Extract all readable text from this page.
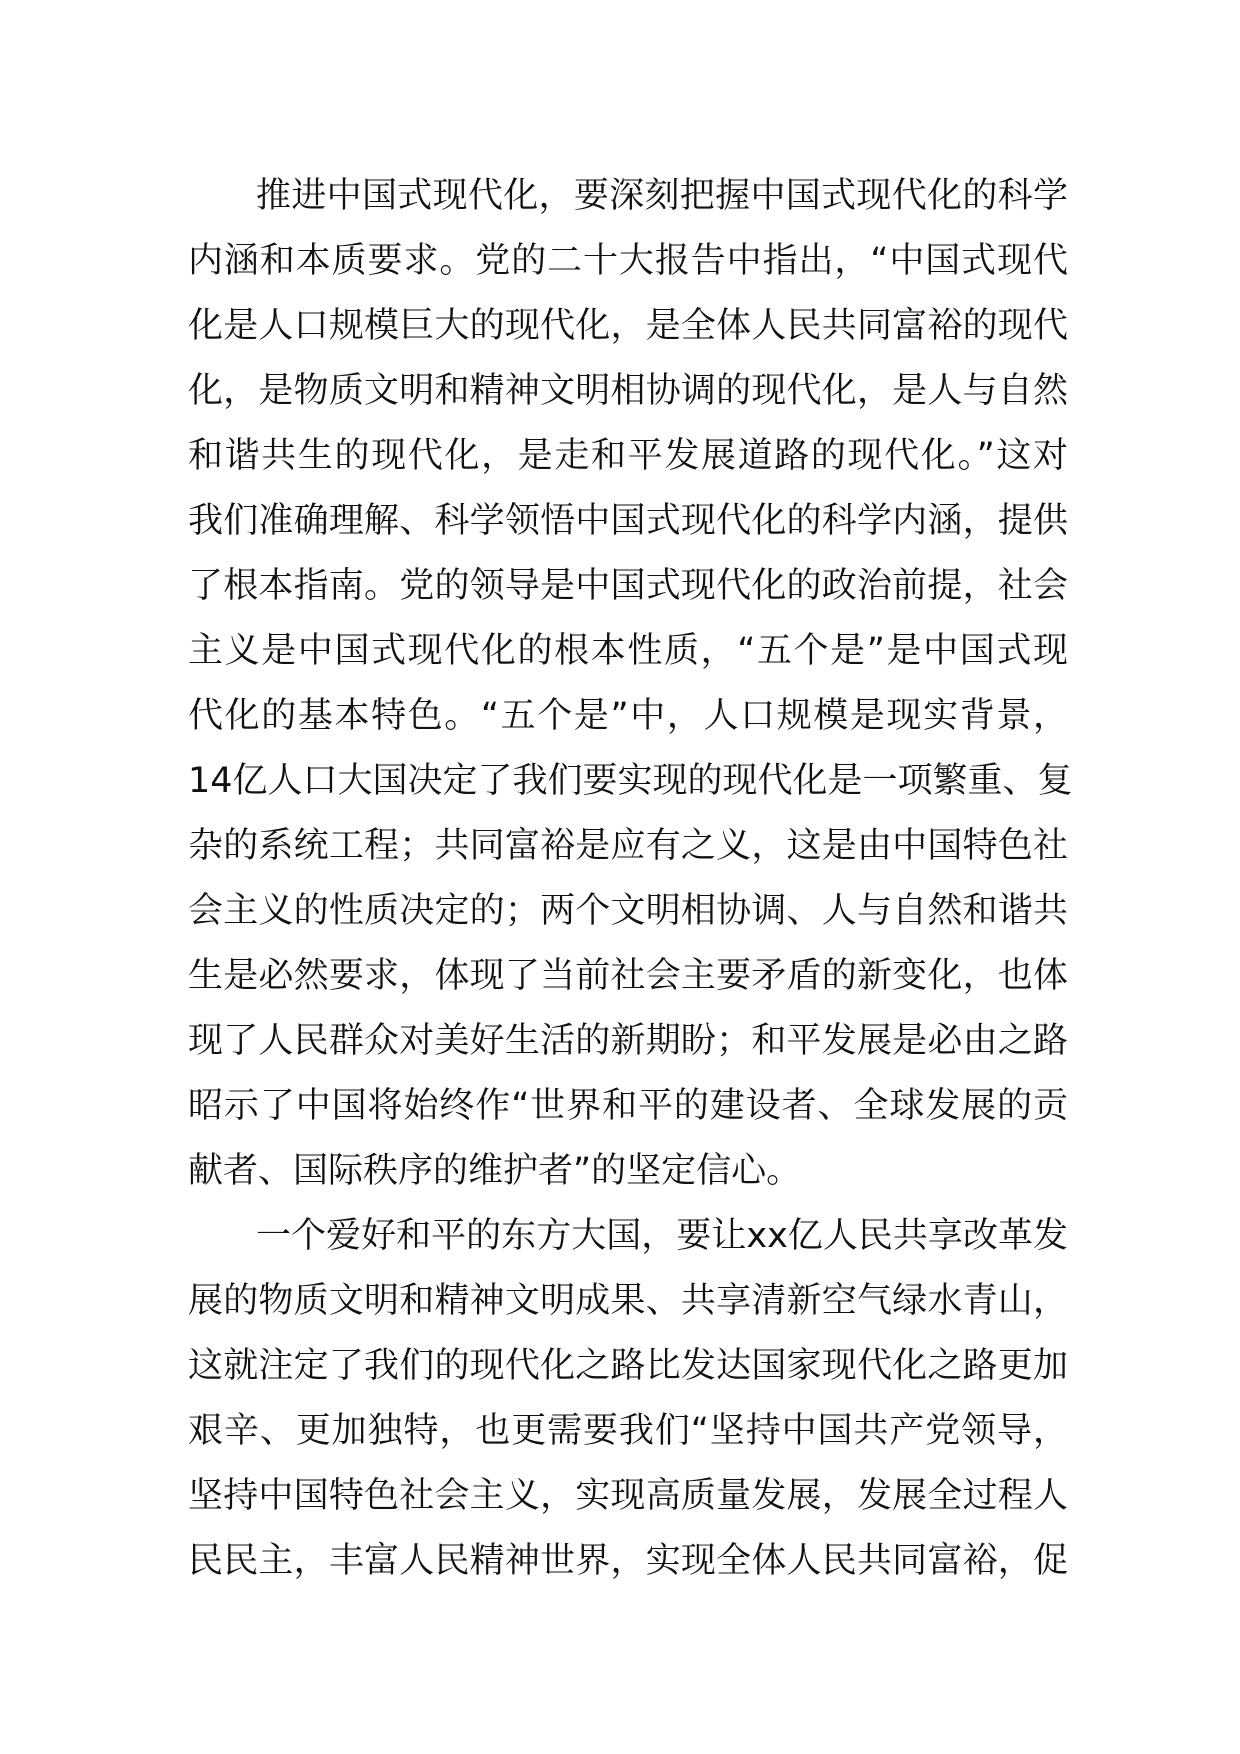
推进中国式现代化，要深刻把握中国式现代化的科学
内涵和本质要求。党的二十大报告中指出，“中国式现代
化是人口规模巨大的现代化，是全体人民共同富裕的现代
化，是物质文明和精神文明相协调的现代化，是人与自然
和谐共生的现代化，是走和平发展道路的现代化。”这对
我们准确理解、科学领悟中国式现代化的科学内涵，提供
了根本指南。党的领导是中国式现代化的政治前提，社会
主义是中国式现代化的根本性质，“五个是”是中国式现
代化的基本特色。“五个是”中，人口规模是现实背景，
14亿人口大国决定了我们要实现的现代化是一项繁重、复
杂的系统工程；共同富裕是应有之义，这是由中国特色社
会主义的性质决定的；两个文明相协调、人与自然和谐共
生是必然要求，体现了当前社会主要矛盾的新变化，也体
现了人民群众对美好生活的新期盼；和平发展是必由之路
昭示了中国将始终作“世界和平的建设者、全球发展的贡
献者、国际秩序的维护者”的坚定信心。
一个爱好和平的东方大国，要让xx亿人民共享改革发
展的物质文明和精神文明成果、共享清新空气绿水青山，
这就注定了我们的现代化之路比发达国家现代化之路更加
艰辛、更加独特，也更需要我们“坚持中国共产党领导，
坚持中国特色社会主义，实现高质量发展，发展全过程人
民民主，丰富人民精神世界，实现全体人民共同富裕，促
